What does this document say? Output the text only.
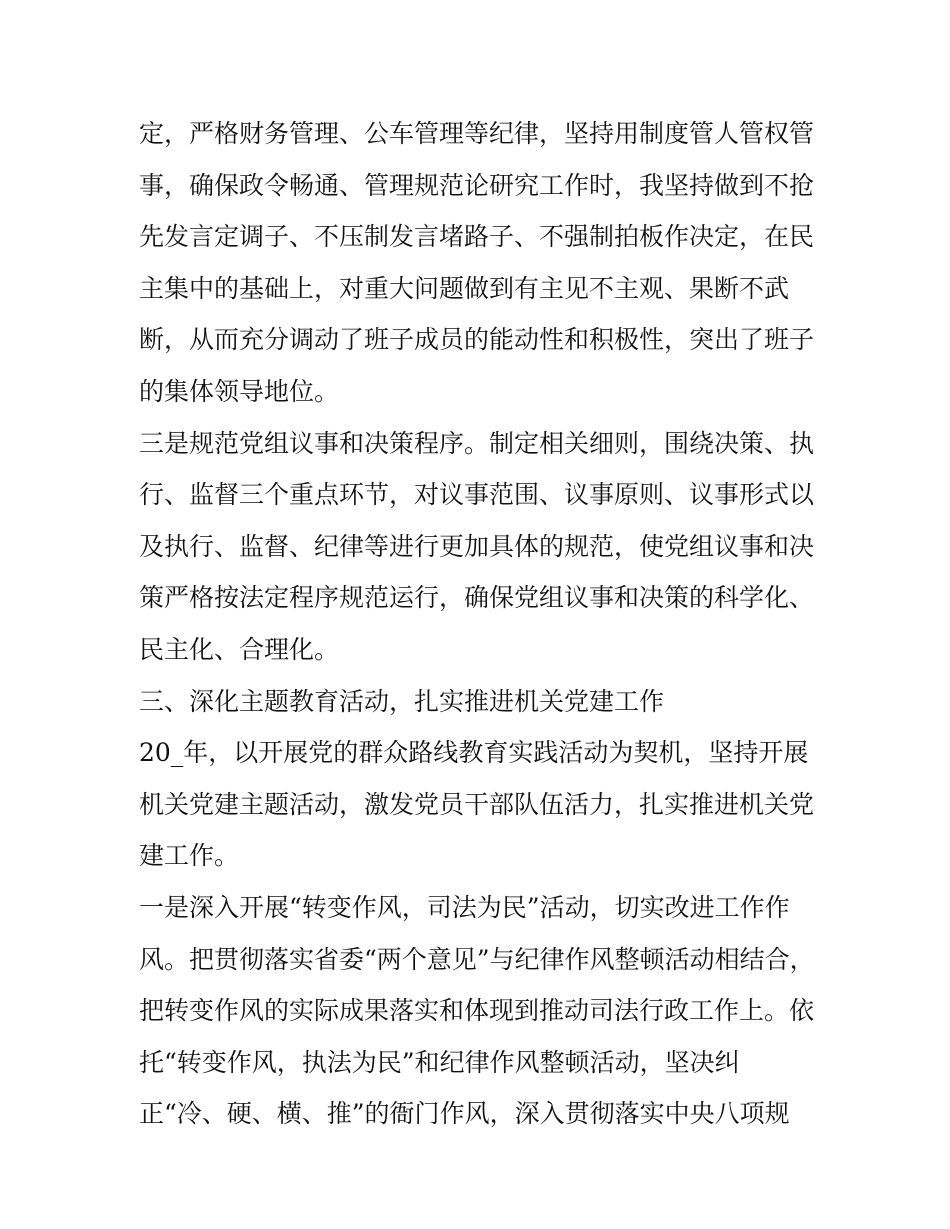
定，严格财务管理、公车管理等纪律，坚持用制度管人管权管
事，确保政令畅通、管理规范论研究工作时，我坚持做到不抢
先发言定调子、不压制发言堵路子、不强制拍板作决定，在民
主集中的基础上，对重大问题做到有主见不主观、果断不武
断，从而充分调动了班子成员的能动性和积极性，突出了班子
的集体领导地位。
三是规范党组议事和决策程序。制定相关细则，围绕决策、执
行、监督三个重点环节，对议事范围、议事原则、议事形式以
及执行、监督、纪律等进行更加具体的规范，使党组议事和决
策严格按法定程序规范运行，确保党组议事和决策的科学化、
民主化、合理化。
三、深化主题教育活动，扎实推进机关党建工作
20_年，以开展党的群众路线教育实践活动为契机，坚持开展
机关党建主题活动，激发党员干部队伍活力，扎实推进机关党
建工作。
一是深入开展“转变作风，司法为民”活动，切实改进工作作
风。把贯彻落实省委“两个意见”与纪律作风整顿活动相结合，
把转变作风的实际成果落实和体现到推动司法行政工作上。依
托“转变作风，执法为民”和纪律作风整顿活动，坚决纠
正“冷、硬、横、推”的衙门作风，深入贯彻落实中央八项规
